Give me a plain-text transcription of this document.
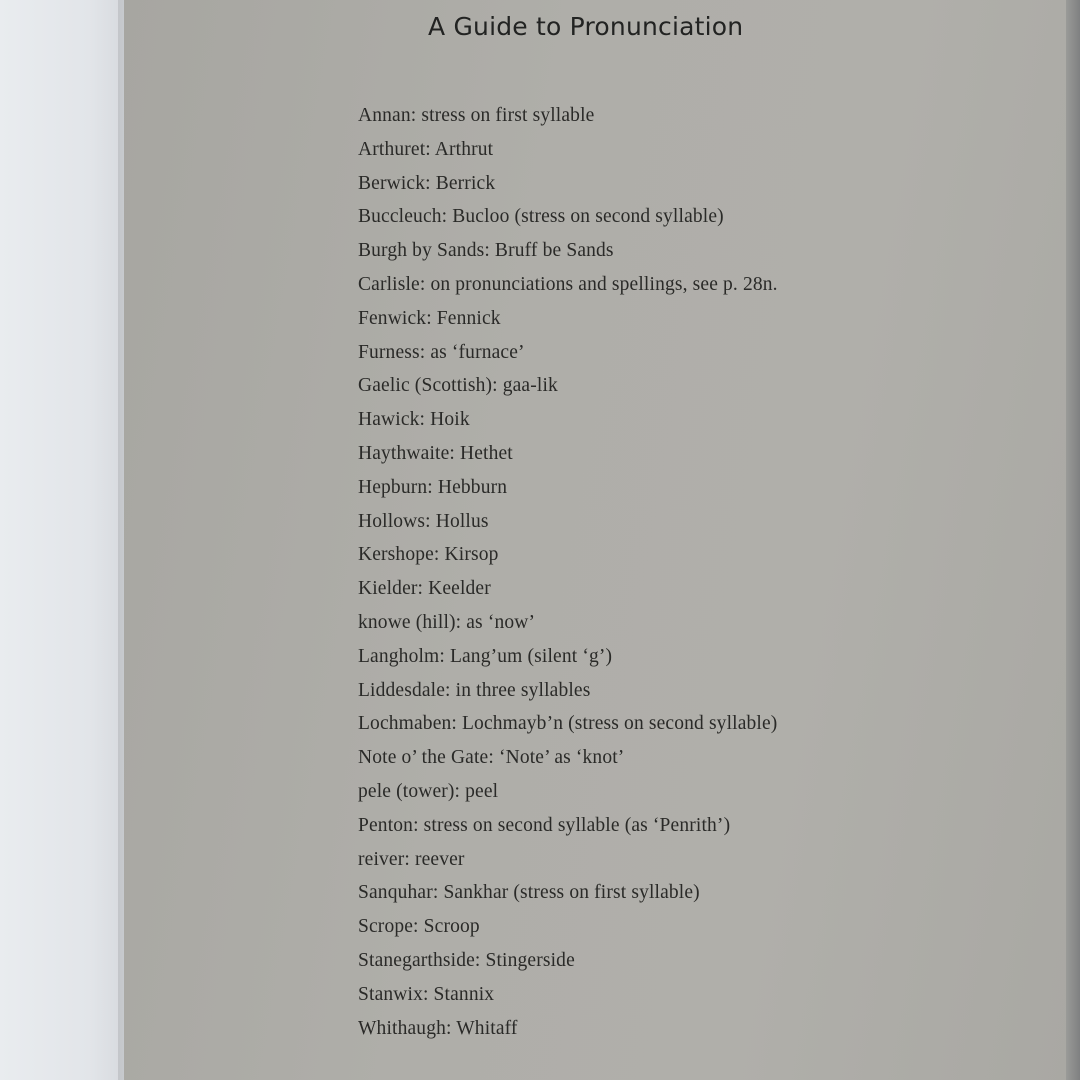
A Guide to Pronunciation
Annan: stress on first syllable
Arthuret: Arthrut
Berwick: Berrick
Buccleuch: Bucloo (stress on second syllable)
Burgh by Sands: Bruff be Sands
Carlisle: on pronunciations and spellings, see p. 28n.
Fenwick: Fennick
Furness: as ‘furnace’
Gaelic (Scottish): gaa-lik
Hawick: Hoik
Haythwaite: Hethet
Hepburn: Hebburn
Hollows: Hollus
Kershope: Kirsop
Kielder: Keelder
knowe (hill): as ‘now’
Langholm: Lang’um (silent ‘g’)
Liddesdale: in three syllables
Lochmaben: Lochmayb’n (stress on second syllable)
Note o’ the Gate: ‘Note’ as ‘knot’
pele (tower): peel
Penton: stress on second syllable (as ‘Penrith’)
reiver: reever
Sanquhar: Sankhar (stress on first syllable)
Scrope: Scroop
Stanegarthside: Stingerside
Stanwix: Stannix
Whithaugh: Whitaff
